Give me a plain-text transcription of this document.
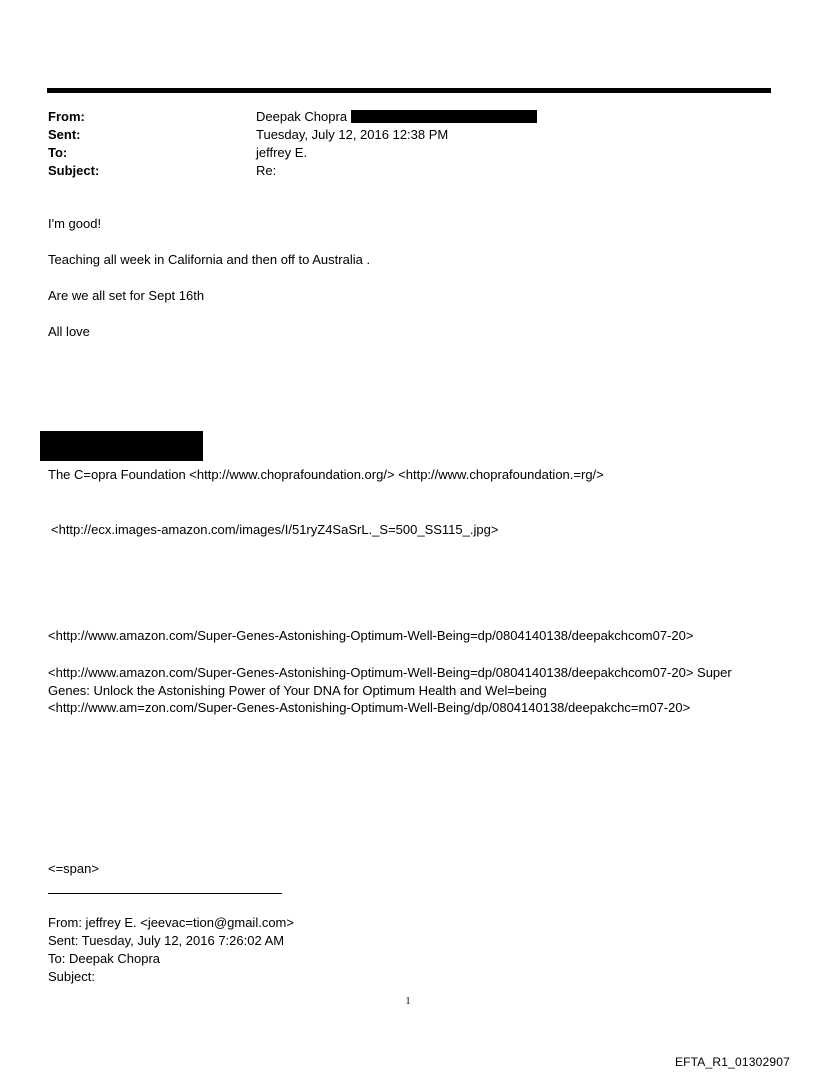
From:	Deepak Chopra
Sent:	Tuesday, July 12, 2016 12:38 PM
To:	jeffrey E.
Subject:	Re:
I'm good!
Teaching all week in California and then off to Australia .
Are we all set for Sept 16th
All love
The C=opra Foundation <http://www.choprafoundation.org/> <http://www.choprafoundation.=rg/>
<http://ecx.images-amazon.com/images/I/51ryZ4SaSrL._S=500_SS115_.jpg>
<http://www.amazon.com/Super-Genes-Astonishing-Optimum-Well-Being=dp/0804140138/deepakchcom07-20>
<http://www.amazon.com/Super-Genes-Astonishing-Optimum-Well-Being=dp/0804140138/deepakchcom07-20> Super
Genes: Unlock the Astonishing Power of Your DNA for Optimum Health and Wel=being
<http://www.am=zon.com/Super-Genes-Astonishing-Optimum-Well-Being/dp/0804140138/deepakchc=m07-20>
<=span>
From: jeffrey E. <jeevac=tion@gmail.com>
Sent: Tuesday, July 12, 2016 7:26:02 AM
To: Deepak Chopra
Subject:
1
EFTA_R1_01302907
